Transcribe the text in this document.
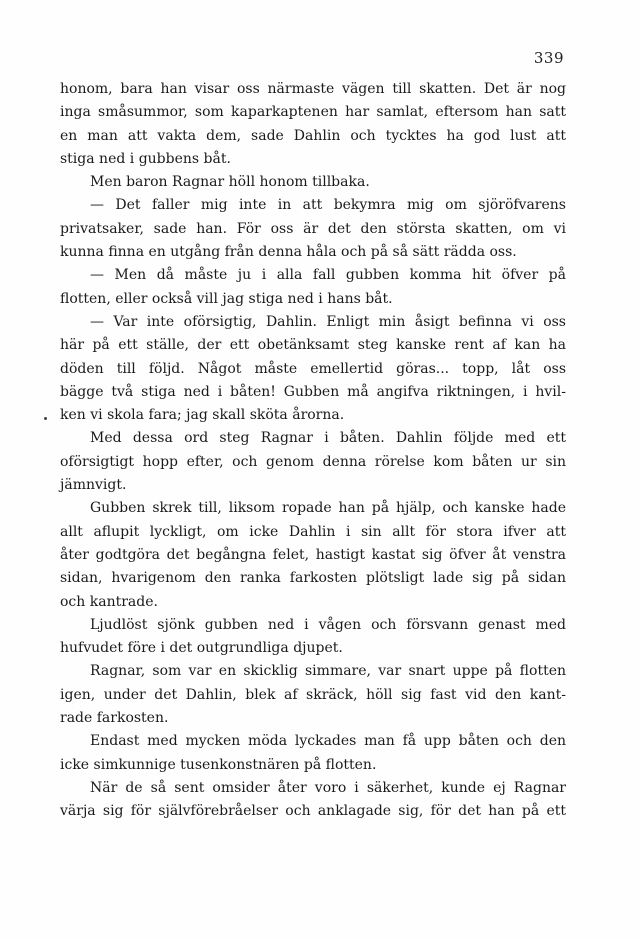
339
honom, bara han visar oss närmaste vägen till skatten. Det är nog
inga småsummor, som kaparkaptenen har samlat, eftersom han satt
en man att vakta dem, sade Dahlin och tycktes ha god lust att
stiga ned i gubbens båt.
Men baron Ragnar höll honom tillbaka.
— Det faller mig inte in att bekymra mig om sjöröfvarens
privatsaker, sade han. För oss är det den största skatten, om vi
kunna finna en utgång från denna håla och på så sätt rädda oss.
— Men då måste ju i alla fall gubben komma hit öfver på
flotten, eller också vill jag stiga ned i hans båt.
— Var inte oförsigtig, Dahlin. Enligt min åsigt befinna vi oss
här på ett ställe, der ett obetänksamt steg kanske rent af kan ha
döden till följd. Något måste emellertid göras... topp, låt oss
bägge två stiga ned i båten! Gubben må angifva riktningen, i hvil-
ken vi skola fara; jag skall sköta årorna.
Med dessa ord steg Ragnar i båten. Dahlin följde med ett
oförsigtigt hopp efter, och genom denna rörelse kom båten ur sin
jämnvigt.
Gubben skrek till, liksom ropade han på hjälp, och kanske hade
allt aflupit lyckligt, om icke Dahlin i sin allt för stora ifver att
åter godtgöra det begångna felet, hastigt kastat sig öfver åt venstra
sidan, hvarigenom den ranka farkosten plötsligt lade sig på sidan
och kantrade.
Ljudlöst sjönk gubben ned i vågen och försvann genast med
hufvudet före i det outgrundliga djupet.
Ragnar, som var en skicklig simmare, var snart uppe på flotten
igen, under det Dahlin, blek af skräck, höll sig fast vid den kant-
rade farkosten.
Endast med mycken möda lyckades man få upp båten och den
icke simkunnige tusenkonstnären på flotten.
När de så sent omsider åter voro i säkerhet, kunde ej Ragnar
värja sig för självförebråelser och anklagade sig, för det han på ett
